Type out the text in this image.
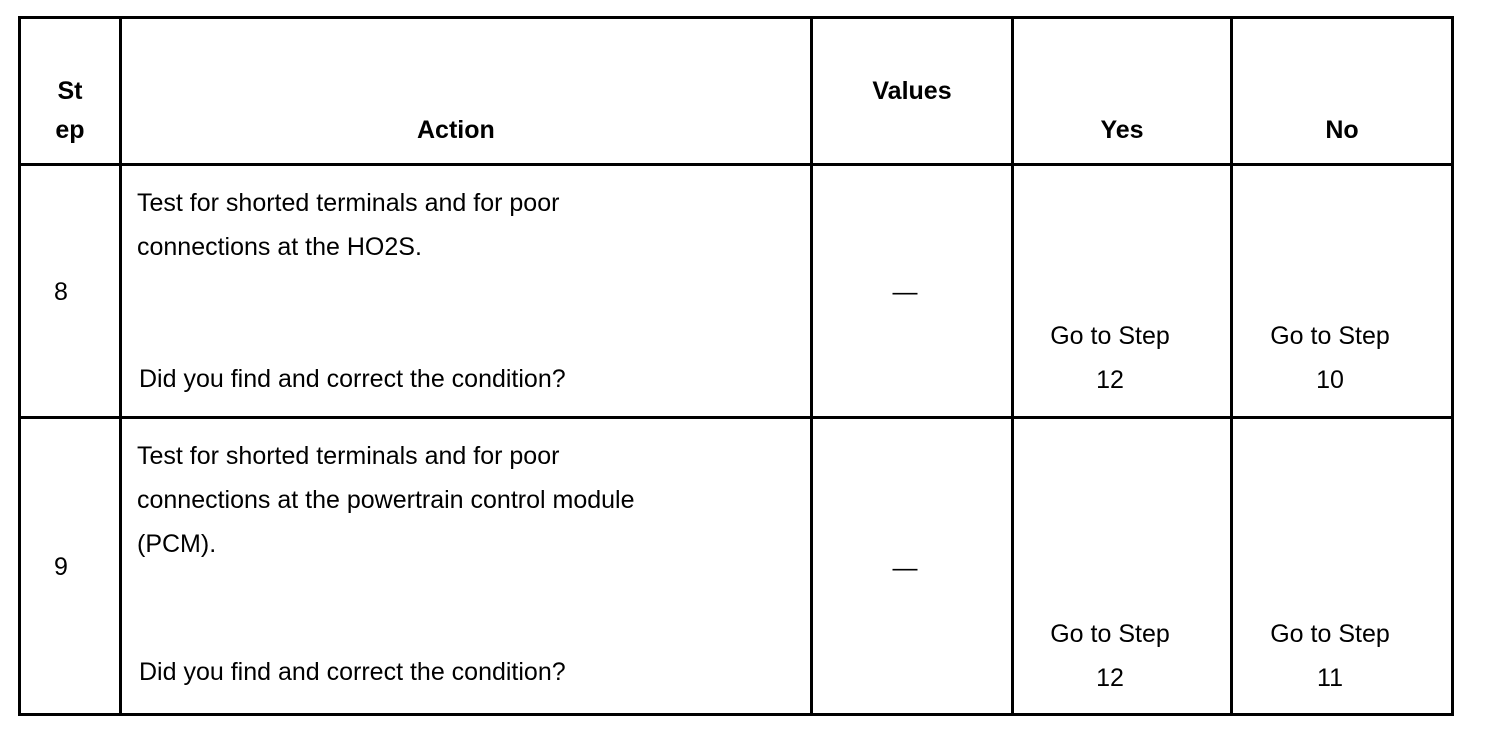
St
ep	Action
Values
Yes	No
8
Test for shorted terminals and for poor
connections at the HO2S.
Did you find and correct the condition?
—
Go to Step
12
Go to Step
10
9
Test for shorted terminals and for poor
connections at the powertrain control module
(PCM).
Did you find and correct the condition?
—
Go to Step
12
Go to Step
11
